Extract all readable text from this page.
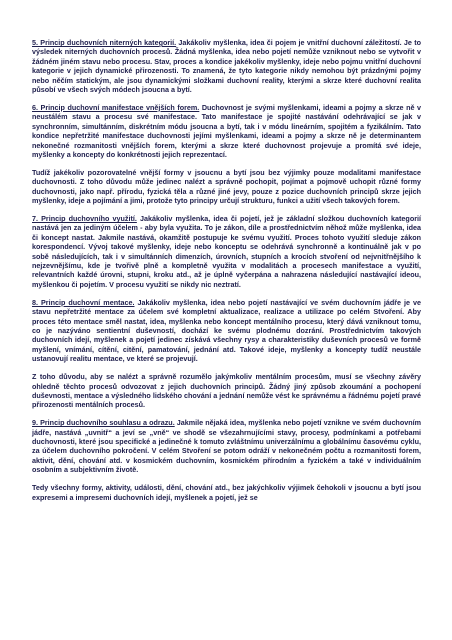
5. Princip duchovních niterných kategorií. Jakákoliv myšlenka, idea či pojem je vnitřní duchovní záležitostí. Je to výsledek niterných duchovních procesů. Žádná myšlenka, idea nebo pojetí nemůže vzniknout nebo se vytvořit v žádném jiném stavu nebo procesu. Stav, proces a kondice jakékoliv myšlenky, ideje nebo pojmu vnitřní duchovní kategorie v jejich dynamické přirozenosti. To znamená, že tyto kategorie nikdy nemohou být prázdnými pojmy nebo něčím statickým, ale jsou dynamickými složkami duchovní reality, kterými a skrze které duchovní realita působí ve všech svých módech jsoucna a bytí.

6. Princip duchovní manifestace vnějších forem. Duchovnost je svými myšlenkami, ideami a pojmy a skrze ně v neustálém stavu a procesu své manifestace. Tato manifestace je spojité nastávání odehrávající se jak v synchronním, simultánním, diskrétním módu jsoucna a bytí, tak i v módu lineárním, spojitém a fyzikálním. Tato kondice nepřetržité manifestace duchovnosti jejími myšlenkami, ideami a pojmy a skrze ně je determinantem nekonečné rozmanitosti vnějších forem, kterými a skrze které duchovnost projevuje a promítá své ideje, myšlenky a koncepty do konkrétnosti jejich reprezentací.

Tudíž jakékoliv pozorovatelné vnější formy v jsoucnu a bytí jsou bez výjimky pouze modalitami manifestace duchovnosti. Z toho důvodu může jedinec nalézt a správně pochopit, pojímat a pojmově uchopit různé formy duchovnosti, jako např. přírodu, fyzická těla a různé jiné jevy, pouze z pozice duchovních principů skrze jejich myšlenky, ideje a pojímání a jimi, protože tyto principy určují strukturu, funkci a užití všech takových forem.

7. Princip duchovního využití. Jakákoliv myšlenka, idea či pojetí, jež je základní složkou duchovních kategorií nastává jen za jediným účelem - aby byla využita. To je zákon, díle a prostřednictvím něhož může myšlenka, idea či koncept nastat. Jakmile nastává, okamžitě postupuje ke svému využití. Proces tohoto využití sleduje zákon korespondencí. Vývoj takové myšlenky, ideje nebo konceptu se odehrává synchronně a kontinuálně jak v po sobě následujících, tak i v simultánních dimenzích, úrovních, stupních a krocích stvoření od nejvnitřnějšího k nejzevnějšímu, kde je tvořivě plně a kompletně využita v modalitách a procesech manifestace a využití, relevantních každé úrovni, stupni, kroku atd., až je úplně vyčerpána a nahrazena následující nastávající ideou, myšlenkou či pojetím. V procesu využití se nikdy nic neztratí.

8. Princip duchovní mentace. Jakákoliv myšlenka, idea nebo pojetí nastávající ve svém duchovním jádře je ve stavu nepřetržité mentace za účelem své kompletní aktualizace, realizace a utilizace po celém Stvoření. Aby proces této mentace směl nastat, idea, myšlenka nebo koncept mentálního procesu, který dává vzniknout tomu, co je nazýváno sentientní duševností, dochází ke svému plodnému dozrání. Prostřednictvím takových duchovních idejí, myšlenek a pojetí jedinec získává všechny rysy a charakteristiky duševních procesů ve formě myšlení, vnímání, cítění, citění, pamatování, jednání atd. Takové ideje, myšlenky a koncepty tudíž neustále ustanovují realitu mentace, ve které se projevují.

Z toho důvodu, aby se nalézt a správně rozumělo jakýmkoliv mentálním procesům, musí se všechny závěry ohledně těchto procesů odvozovat z jejich duchovních principů. Žádný jiný způsob zkoumání a pochopení duševnosti, mentace a výsledného lidského chování a jednání nemůže vést ke správnému a řádnému pojetí pravé přirozenosti mentálních procesů.

9. Princip duchovního souhlasu a odrazu. Jakmile nějaká idea, myšlenka nebo pojetí vznikne ve svém duchovním jádře, nastává „uvnitř“ a jeví se „vně“ ve shodě se všezahrnujícími stavy, procesy, podmínkami a potřebami duchovnosti, které jsou specifické a jedinečné k tomuto zvláštnímu univerzálnímu a globálnímu časovému cyklu, za účelem duchovního pokročení. V celém Stvoření se potom odráží v nekonečném počtu a rozmanitosti forem, aktivit, dění, chování atd. v kosmickém duchovním, kosmickém přírodním a fyzickém a také v individuálním osobním a subjektivním životě.

Tedy všechny formy, aktivity, události, dění, chování atd., bez jakýchkoliv výjimek čehokoli v jsoucnu a bytí jsou expresemi a impresemi duchovních idejí, myšlenek a pojetí, jež se
